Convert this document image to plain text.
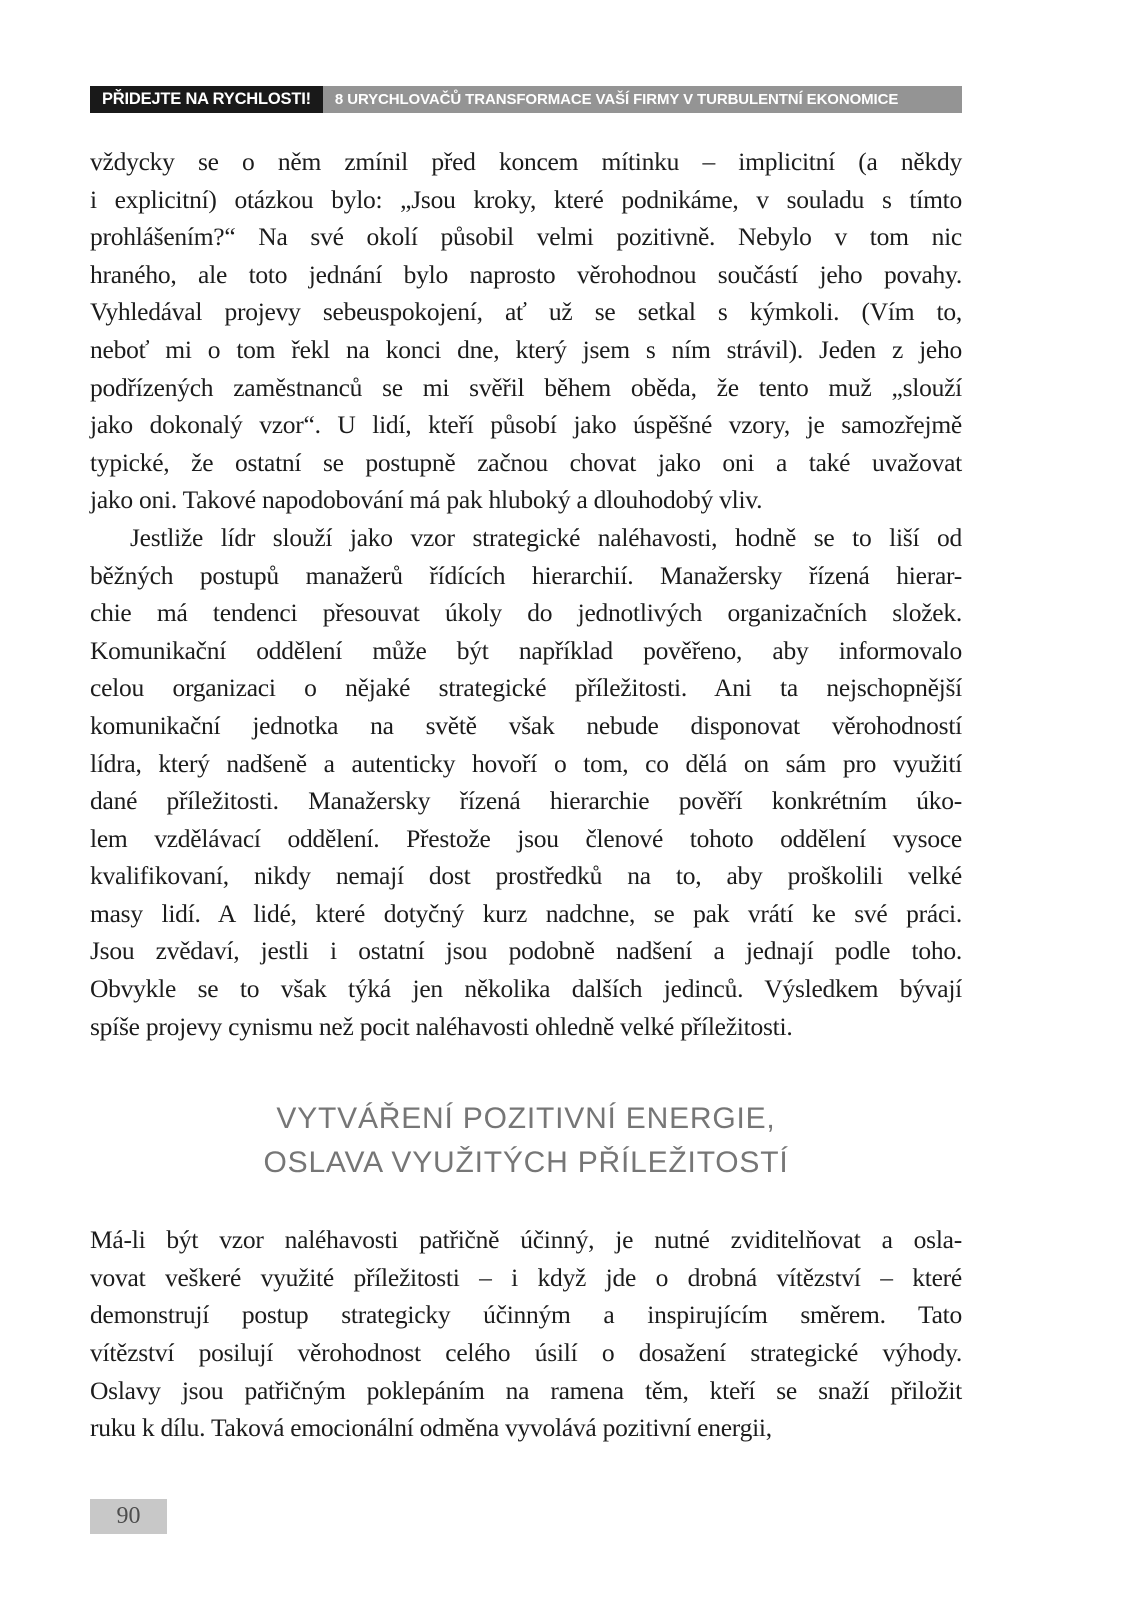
PŘIDEJTE NA RYCHLOSTI!	8 URYCHLOVAČŮ TRANSFORMACE VAŠÍ FIRMY V TURBULENTNÍ EKONOMICE
vždycky se o něm zmínil před koncem mítinku – implicitní (a někdy
i explicitní) otázkou bylo: „Jsou kroky, které podnikáme, v souladu s tímto
prohlášením?“ Na své okolí působil velmi pozitivně. Nebylo v tom nic
hraného, ale toto jednání bylo naprosto věrohodnou součástí jeho povahy.
Vyhledával projevy sebeuspokojení, ať už se setkal s kýmkoli. (Vím to,
neboť mi o tom řekl na konci dne, který jsem s ním strávil). Jeden z jeho
podřízených zaměstnanců se mi svěřil během oběda, že tento muž „slouží
jako dokonalý vzor“. U lidí, kteří působí jako úspěšné vzory, je samozřejmě
typické, že ostatní se postupně začnou chovat jako oni a také uvažovat
jako oni. Takové napodobování má pak hluboký a dlouhodobý vliv.
Jestliže lídr slouží jako vzor strategické naléhavosti, hodně se to liší od
běžných postupů manažerů řídících hierarchií. Manažersky řízená hierar-
chie má tendenci přesouvat úkoly do jednotlivých organizačních složek.
Komunikační oddělení může být například pověřeno, aby informovalo
celou organizaci o nějaké strategické příležitosti. Ani ta nejschopnější
komunikační jednotka na světě však nebude disponovat věrohodností
lídra, který nadšeně a autenticky hovoří o tom, co dělá on sám pro využití
dané příležitosti. Manažersky řízená hierarchie pověří konkrétním úko-
lem vzdělávací oddělení. Přestože jsou členové tohoto oddělení vysoce
kvalifikovaní, nikdy nemají dost prostředků na to, aby proškolili velké
masy lidí. A lidé, které dotyčný kurz nadchne, se pak vrátí ke své práci.
Jsou zvědaví, jestli i ostatní jsou podobně nadšení a jednají podle toho.
Obvykle se to však týká jen několika dalších jedinců. Výsledkem bývají
spíše projevy cynismu než pocit naléhavosti ohledně velké příležitosti.
VYTVÁŘENÍ POZITIVNÍ ENERGIE,
OSLAVA VYUŽITÝCH PŘÍLEŽITOSTÍ
Má-li být vzor naléhavosti patřičně účinný, je nutné zviditelňovat a osla-
vovat veškeré využité příležitosti – i když jde o drobná vítězství – které
demonstrují postup strategicky účinným a inspirujícím směrem. Tato
vítězství posilují věrohodnost celého úsilí o dosažení strategické výhody.
Oslavy jsou patřičným poklepáním na ramena těm, kteří se snaží přiložit
ruku k dílu. Taková emocionální odměna vyvolává pozitivní energii,
90
